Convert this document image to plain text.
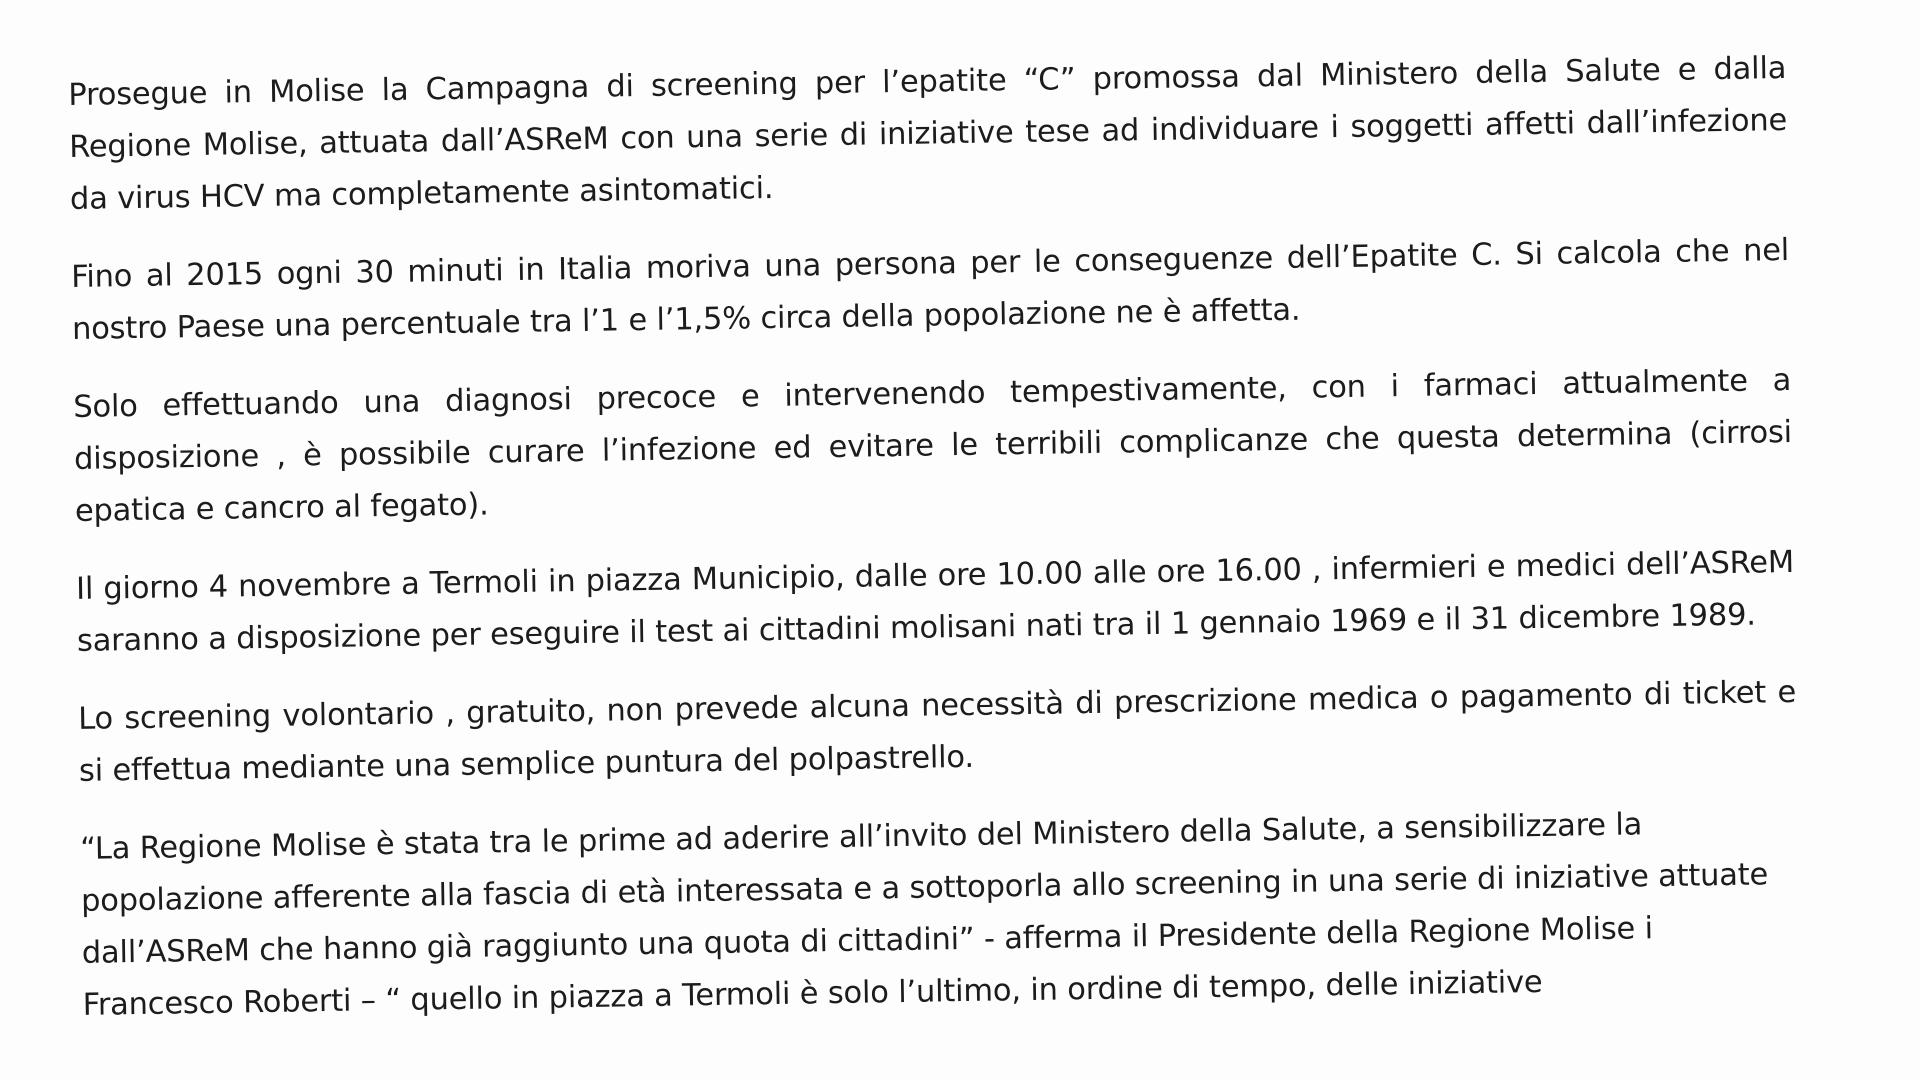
Prosegue in Molise la Campagna di screening per l’epatite “C” promossa dal Ministero della Salute e dalla Regione Molise, attuata dall’ASReM con una serie di iniziative tese ad individuare i soggetti affetti dall’infezione da virus HCV ma completamente asintomatici.

Fino al 2015 ogni 30 minuti in Italia moriva una persona per le conseguenze dell’Epatite C. Si calcola che nel nostro Paese una percentuale tra l’1 e l’1,5% circa della popolazione ne è affetta.

Solo effettuando una diagnosi precoce e intervenendo tempestivamente, con i farmaci attualmente a disposizione , è possibile curare l’infezione ed evitare le terribili complicanze che questa determina (cirrosi epatica e cancro al fegato).

Il giorno 4 novembre a Termoli in piazza Municipio, dalle ore 10.00 alle ore 16.00 , infermieri e medici dell’ASReM saranno a disposizione per eseguire il test ai cittadini molisani nati tra il 1 gennaio 1969 e il 31 dicembre 1989.

Lo screening volontario , gratuito, non prevede alcuna necessità di prescrizione medica o pagamento di ticket e si effettua mediante una semplice puntura del polpastrello.

“La Regione Molise è stata tra le prime ad aderire all’invito del Ministero della Salute, a sensibilizzare la popolazione afferente alla fascia di età interessata e a sottoporla allo screening in una serie di iniziative attuate dall’ASReM che hanno già raggiunto una quota di cittadini” - afferma il Presidente della Regione Molise i Francesco Roberti – “ quello in piazza a Termoli è solo l’ultimo, in ordine di tempo, delle iniziative
